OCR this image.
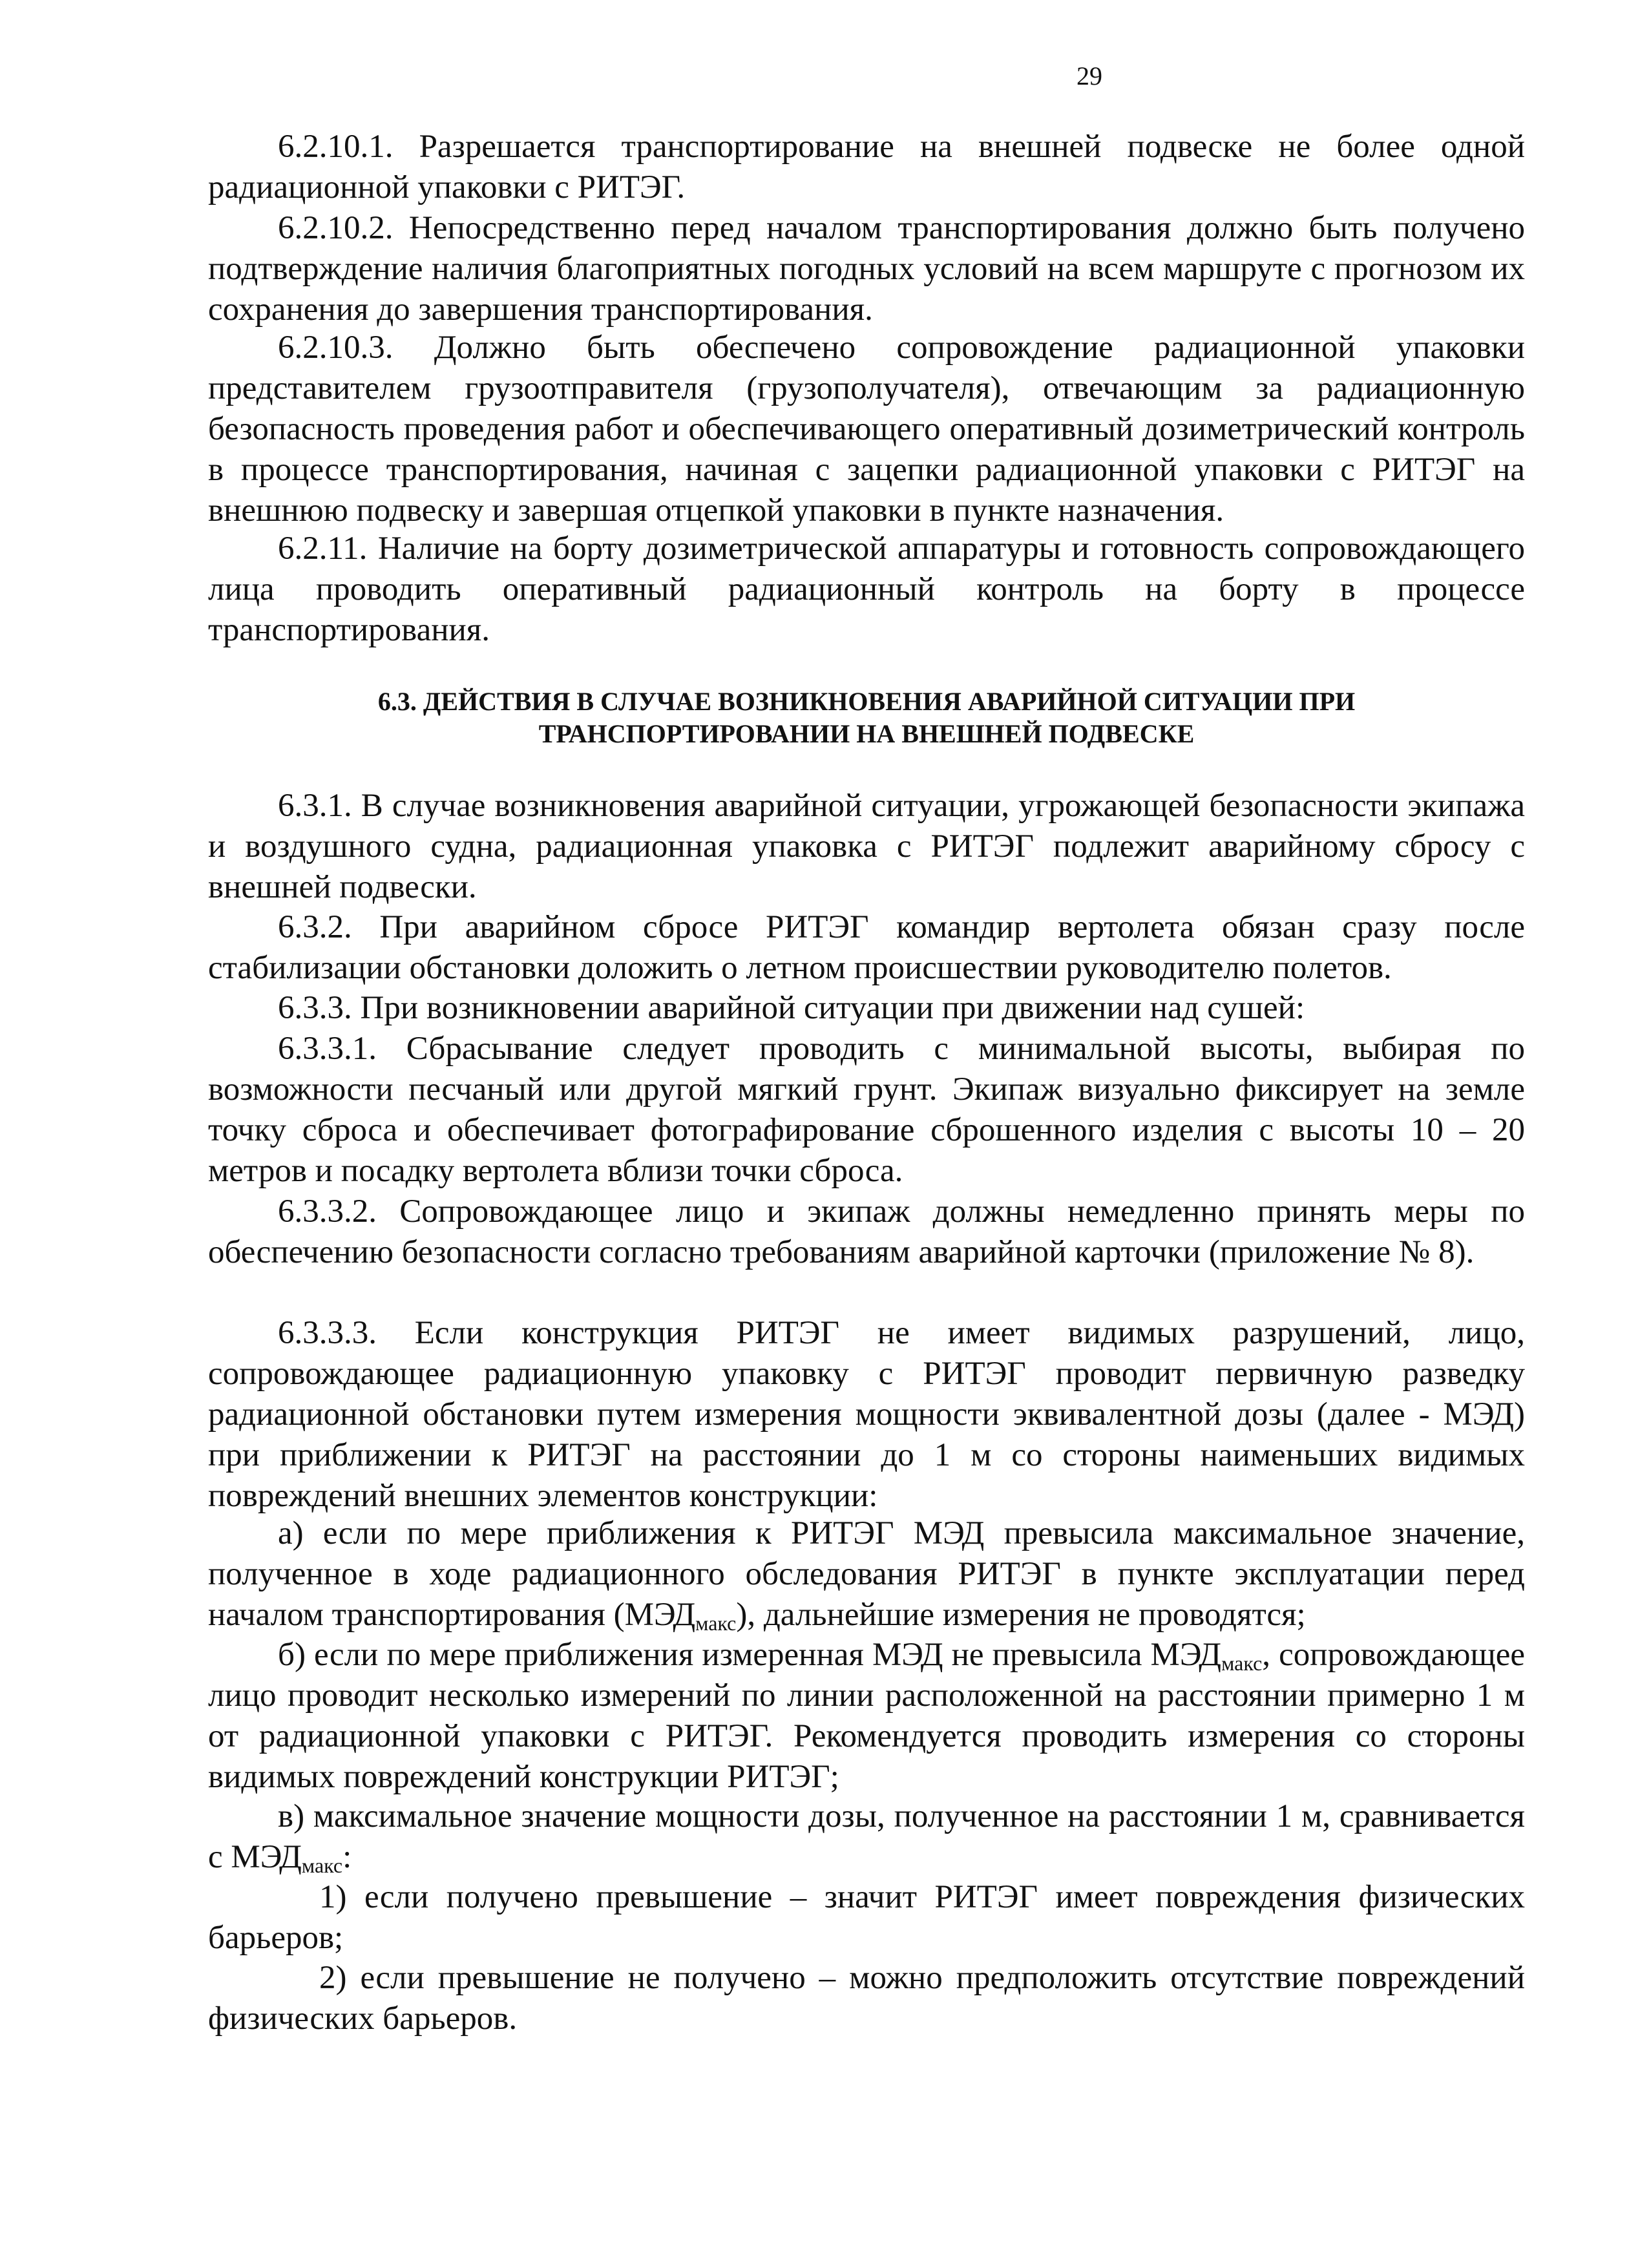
29

6.2.10.1. Разрешается транспортирование на внешней подвеске не более одной радиационной упаковки с РИТЭГ.

6.2.10.2. Непосредственно перед началом транспортирования должно быть получено подтверждение наличия благоприятных погодных условий на всем маршруте с прогнозом их сохранения до завершения транспортирования.

6.2.10.3. Должно быть обеспечено сопровождение радиационной упаковки представителем грузоотправителя (грузополучателя), отвечающим за радиационную безопасность проведения работ и обеспечивающего оперативный дозиметрический контроль в процессе транспортирования, начиная с зацепки радиационной упаковки с РИТЭГ на внешнюю подвеску и завершая отцепкой упаковки в пункте назначения.

6.2.11. Наличие на борту дозиметрической аппаратуры и готовность сопровождающего лица проводить оперативный радиационный контроль на борту в процессе транспортирования.

6.3. ДЕЙСТВИЯ В СЛУЧАЕ ВОЗНИКНОВЕНИЯ АВАРИЙНОЙ СИТУАЦИИ ПРИ
ТРАНСПОРТИРОВАНИИ НА ВНЕШНЕЙ ПОДВЕСКЕ

6.3.1. В случае возникновения аварийной ситуации, угрожающей безопасности экипажа и воздушного судна, радиационная упаковка с РИТЭГ подлежит аварийному сбросу с внешней подвески.

6.3.2. При аварийном сбросе РИТЭГ командир вертолета обязан сразу после стабилизации обстановки доложить о летном происшествии руководителю полетов.

6.3.3. При возникновении аварийной ситуации при движении над сушей:

6.3.3.1. Сбрасывание следует проводить с минимальной высоты, выбирая по возможности песчаный или другой мягкий грунт. Экипаж визуально фиксирует на земле точку сброса и обеспечивает фотографирование сброшенного изделия с высоты 10 – 20 метров и посадку вертолета вблизи точки сброса.

6.3.3.2. Сопровождающее лицо и экипаж должны немедленно принять меры по обеспечению безопасности согласно требованиям аварийной карточки (приложение № 8).

6.3.3.3. Если конструкция РИТЭГ не имеет видимых разрушений, лицо, сопровождающее радиационную упаковку с РИТЭГ проводит первичную разведку радиационной обстановки путем измерения мощности эквивалентной дозы (далее - МЭД) при приближении к РИТЭГ на расстоянии до 1 м со стороны наименьших видимых повреждений внешних элементов конструкции:

а) если по мере приближения к РИТЭГ МЭД превысила максимальное значение, полученное в ходе радиационного обследования РИТЭГ в пункте эксплуатации перед началом транспортирования $(МЭД_{макс})$, дальнейшие измерения не проводятся;

б) если по мере приближения измеренная МЭД не превысила $МЭД_{макс}$, сопровождающее лицо проводит несколько измерений по линии расположенной на расстоянии примерно 1 м от радиационной упаковки с РИТЭГ. Рекомендуется проводить измерения со стороны видимых повреждений конструкции РИТЭГ;

в) максимальное значение мощности дозы, полученное на расстоянии 1 м, сравнивается с $МЭД_{макс}$:

1) если получено превышение – значит РИТЭГ имеет повреждения физических барьеров;

2) если превышение не получено – можно предположить отсутствие повреждений физических барьеров.
